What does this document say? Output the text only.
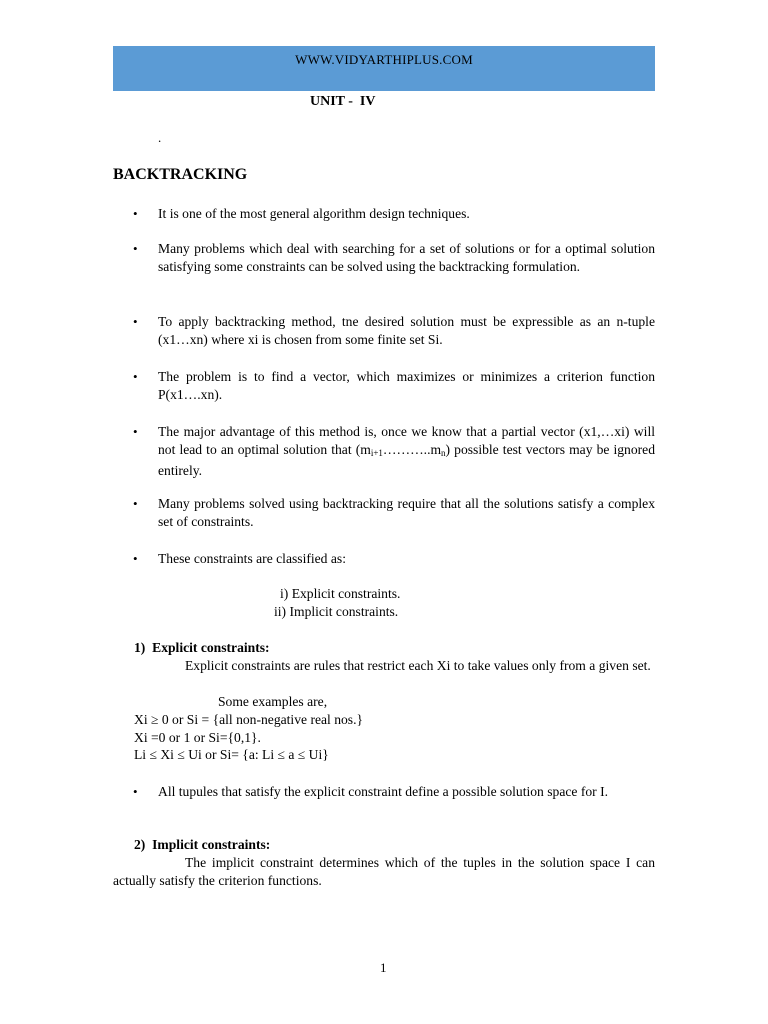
WWW.VIDYARTHIPLUS.COM
UNIT -  IV
.
BACKTRACKING
• It is one of the most general algorithm design techniques.
• Many problems which deal with searching for a set of solutions or for a optimal solution satisfying some constraints can be solved using the backtracking formulation.
• To apply backtracking method, tne desired solution must be expressible as an n-tuple (x1…xn) where xi is chosen from some finite set Si.
• The problem is to find a vector, which maximizes or minimizes a criterion function P(x1….xn).
• The major advantage of this method is, once we know that a partial vector (x1,…xi) will not lead to an optimal solution that (mi+1………..mn) possible test vectors may be ignored entirely.
• Many problems solved using backtracking require that all the solutions satisfy a complex set of constraints.
• These constraints are classified as:
i) Explicit constraints.
ii) Implicit constraints.
1)  Explicit constraints:
Explicit constraints are rules that restrict each Xi to take values only from a given set.
Some examples are,
Xi ≥ 0 or Si = {all non-negative real nos.}
Xi =0 or 1 or Si={0,1}.
Li ≤ Xi ≤ Ui or Si= {a: Li ≤ a ≤ Ui}
• All tupules that satisfy the explicit constraint define a possible solution space for I.
2)  Implicit constraints:
The implicit constraint determines which of the tuples in the solution space I can actually satisfy the criterion functions.
1
